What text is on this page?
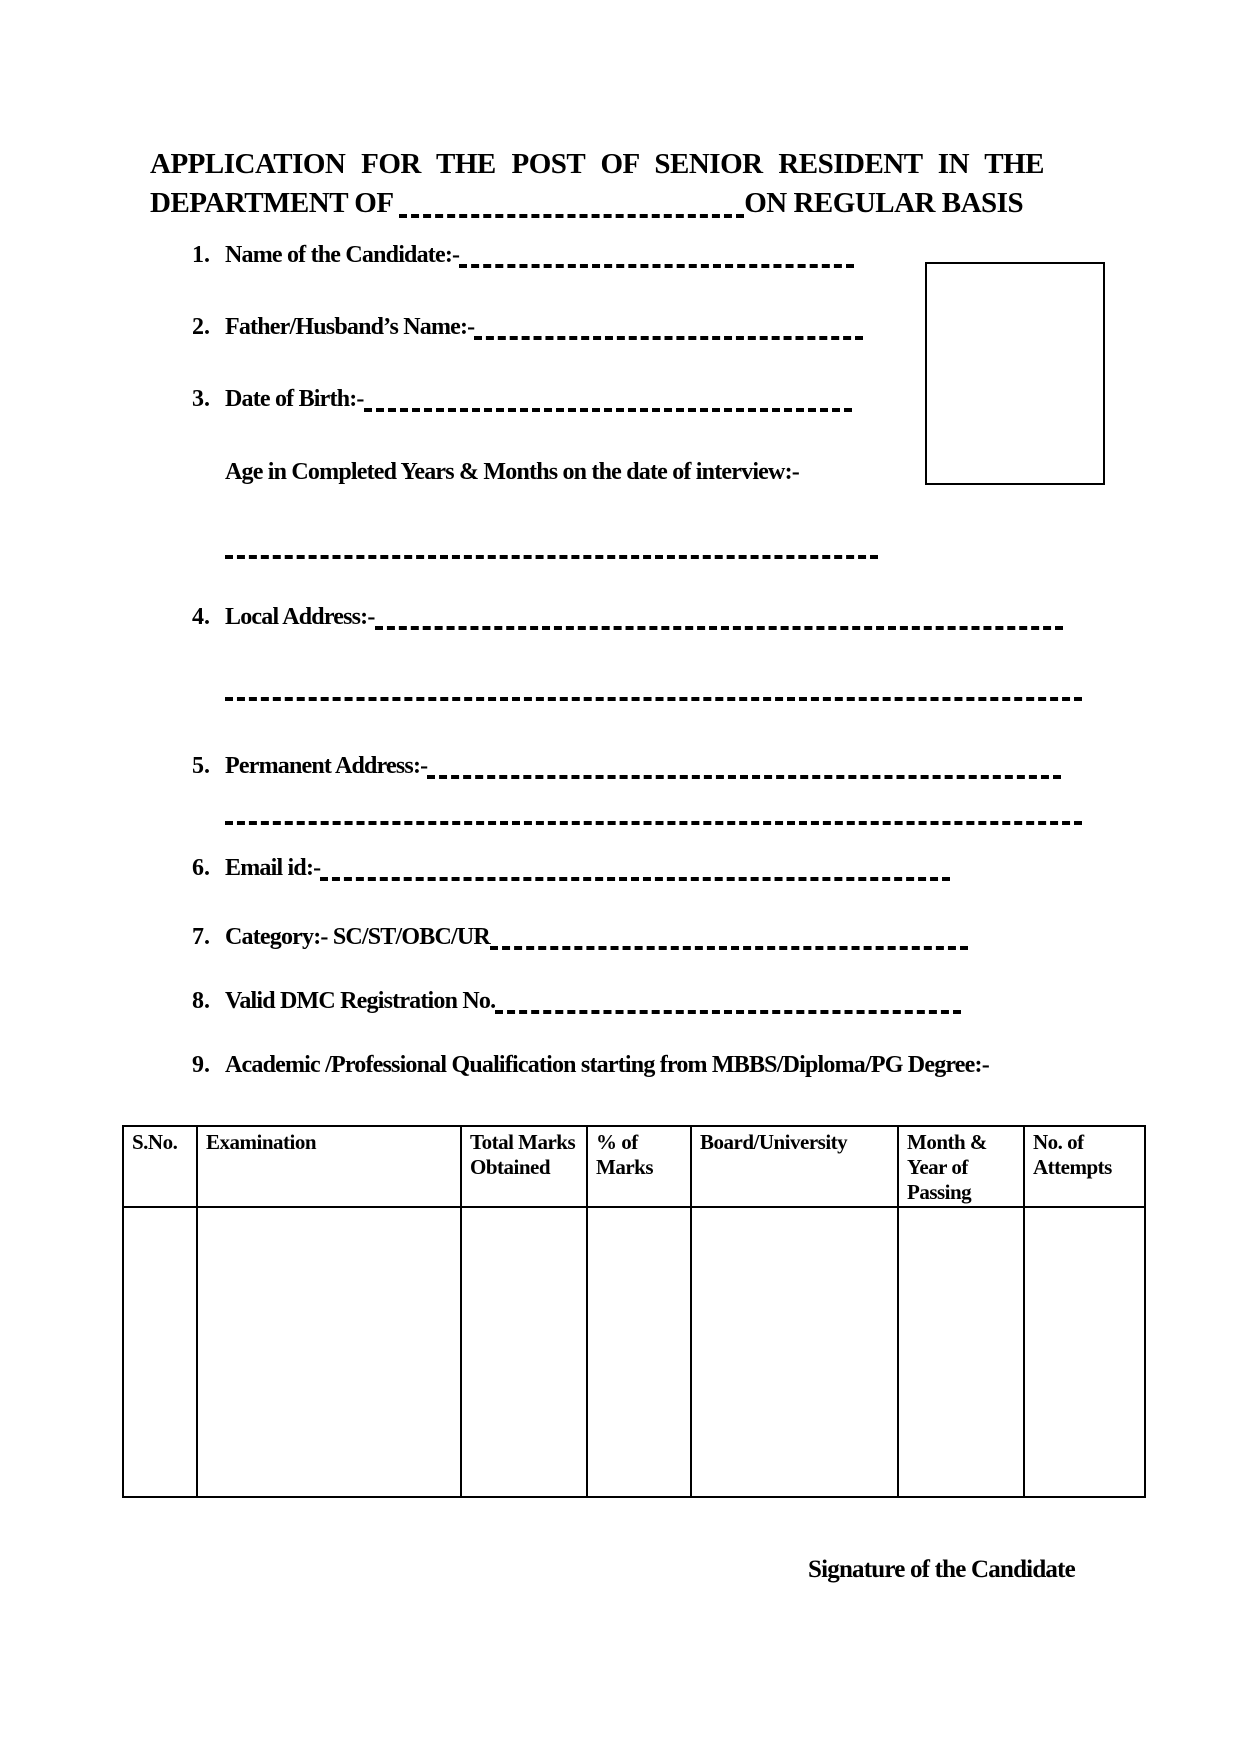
APPLICATION FOR THE POST OF SENIOR RESIDENT IN THE
DEPARTMENT OF	ON REGULAR BASIS
1. Name of the Candidate:-
2. Father/Husband’s Name:-
3. Date of Birth:-
Age in Completed Years & Months on the date of interview:-
4. Local Address:-
5. Permanent Address:-
6. Email id:-
7. Category:- SC/ST/OBC/UR
8. Valid DMC Registration No.
9. Academic /Professional Qualification starting from MBBS/Diploma/PG Degree:-
S.No.	Examination	Total Marks Obtained	% of Marks	Board/University	Month & Year of Passing	No. of Attempts

Signature of the Candidate
